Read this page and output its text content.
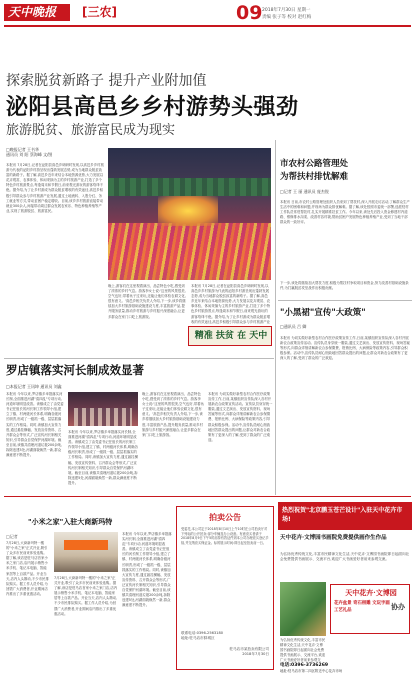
天中晚报 [三农]	09 2018年7月30日 星期一
责编 张子等 校对 赵红梅
探索脱贫新路子 提升产业附加值
泌阳县高邑乡乡村游势头强劲
旅游脱贫、旅游富民成为现实
□晚报记者 王书华
通讯员 刘 阳 蔡海峰 文/图
本报讯 7月28日,记者在泌阳县高邑乡调研时发现,以高邑乡乡村旅游为代表的泌阳乡村游呈现出蓬勃发展态势,成为当地群众脱贫致富的新路子。据了解,高邑乡近年来结合本地资源优势,大力发展以花卉观赏、农事体验、休闲采摘为主的乡村旅游产业,打造了多个特色乡村旅游景点,每逢周末和节假日,前来观光游玩的游客络绎不绝。据介绍,为了让乡村游成为群众脱贫增收的有效途径,高邑乡积极引导群众参与乡村旅游产业发展,通过土地流转、入股分红、务工就业等方式,带动贫困户稳定增收。目前,该乡乡村旅游直接带动就业300余人,间接带动周边群众发展农家乐、特色种植养殖等产业,实现了旅游脱贫、旅游富民。
晚上,游客们在这里观看演出、品尝特色小吃,感受到了浓浓的乡村气息。游客李女士说:'这里的风景很美,空气也好,带着孩子过来玩,还能让他们体验农耕文化,很有意义。'高邑乡相关负责人介绍,下一步,该乡将继续加大乡村旅游基础设施建设力度,丰富旅游产品,提升服务质量,推动乡村旅游与乡村振兴深度融合,让更多群众在家门口吃上旅游饭。
本报讯 7月28日,记者在泌阳县高邑乡调研时发现,以高邑乡乡村旅游为代表的泌阳乡村游呈现出蓬勃发展态势,成为当地群众脱贫致富的新路子。据了解,高邑乡近年来结合本地资源优势,大力发展以花卉观赏、农事体验、休闲采摘为主的乡村旅游产业,打造了多个特色乡村旅游景点,每逢周末和节假日,前来观光游玩的游客络绎不绝。据介绍,为了让乡村游成为群众脱贫增收的有效途径,高邑乡积极引导群众参与乡村旅游产业
精准 扶贫 在 天中
市农村公路管理处
为帮扶村排忧解难
□记者 王 丽 通讯员 庞杰锐
本报讯 日前,市农村公路管理处组织人员来到了帮扶村,深入开展走访活动,了解群众生产生活中的困难和问题,并现场为群众排忧解难。据了解,该处按照市委统一部署,选派驻村工作队员常驻帮扶村,扎实开展精准扶贫工作。今年以来,该处先后投入资金修建村内道路、维修排水沟渠、改善村容村貌,帮助贫困户发展特色种植养殖产业,受到了当地干部群众的一致好评。
下一步,该处将继续加大帮扶力度,积极为帮扶村争取项目和资金,努力改善村基础设施条件,为打赢脱贫攻坚战作出积极贡献。
"小黑裙"宣传"大政策"
□通讯员 吕 卿
本报讯 为切实做好新型农村合作医疗政策宣传工作,日前,某镇组织宣传队深入各村开展新农合政策宣传活动。宣传队员身穿统一服装,通过文艺演出、发放宣传资料、现场答疑等形式,向群众详细讲解新农合参保缴费、报销比例、大病保险等政策内容,引导群众积极参保。活动中,宣传队员耐心细致地回答群众提出的问题,让群众对新农合政策有了更深入的了解,受到了群众的广泛欢迎。
罗店镇落实河长制成效显著
□本报记者 王讯坤 通讯员 刘鑫
本报讯 今年以来,罗店镇多举措落实河长制,全面推进河湖"清四乱"专项行动,河道环境明显改善。该镇成立了由党委书记任组长的河长制工作领导小组,建立了镇、村两级河长体系,明确各级河长职责,形成了一级抓一级、层层抓落实的工作格局。同时,该镇加大宣传力度,通过悬挂横幅、发放宣传资料、召开群众会等形式,广泛宣传河长制相关知识,引导群众自觉保护河湖环境。截至目前,该镇共清理河道垃圾200余吨,拆除违建5处,河湖面貌焕然一新,群众满意度不断提升。
本报讯 今年以来,罗店镇多举措落实河长制,全面推进河湖"清四乱"专项行动,河道环境明显改善。该镇成立了由党委书记任组长的河长制工作领导小组,建立了镇、村两级河长体系,明确各级河长职责,形成了一级抓一级、层层抓落实的工作格局。同时,该镇加大宣传力度,通过悬挂横幅、发放宣传资料、召开群众会等形式,广泛宣传河长制相关知识,引导群众自觉保护河湖环境。截至目前,该镇共清理河道垃圾200余吨,拆除违建5处,河湖面貌焕然一新,群众满意度不断提升。
晚上,游客们在这里观看演出、品尝特色小吃,感受到了浓浓的乡村气息。游客李女士说:'这里的风景很美,空气也好,带着孩子过来玩,还能让他们体验农耕文化,很有意义。'高邑乡相关负责人介绍,下一步,该乡将继续加大乡村旅游基础设施建设力度,丰富旅游产品,提升服务质量,推动乡村旅游与乡村振兴深度融合,让更多群众在家门口吃上旅游饭。
本报讯 为切实做好新型农村合作医疗政策宣传工作,日前,某镇组织宣传队深入各村开展新农合政策宣传活动。宣传队员身穿统一服装,通过文艺演出、发放宣传资料、现场答疑等形式,向群众详细讲解新农合参保缴费、报销比例、大病保险等政策内容,引导群众积极参保。活动中,宣传队员耐心细致地回答群众提出的问题,让群众对新农合政策有了更深入的了解,受到了群众的广泛欢迎。
"小米之家"入驻大商新玛特
□记者
7月28日,大商新玛特一楼的"小米之家"正式开业,吸引了众多市民前来体验选购。据了解,该店是驻马店首家小米之家门店,店内展示销售小米手机、笔记本电脑、智能家居等上百款产品。开业当天,店内人头攒动,不少市民排队购买。据工作人员介绍,为回馈广大消费者,开业期间店内推出了多重优惠活动。
7月28日,大商新玛特一楼的"小米之家"正式开业,吸引了众多市民前来体验选购。据了解,该店是驻马店首家小米之家门店,店内展示销售小米手机、笔记本电脑、智能家居等上百款产品。开业当天,店内人头攒动,不少市民排队购买。据工作人员介绍,为回馈广大消费者,开业期间店内推出了多重优惠活动。
本报讯 今年以来,罗店镇多举措落实河长制,全面推进河湖"清四乱"专项行动,河道环境明显改善。该镇成立了由党委书记任组长的河长制工作领导小组,建立了镇、村两级河长体系,明确各级河长职责,形成了一级抓一级、层层抓落实的工作格局。同时,该镇加大宣传力度,通过悬挂横幅、发放宣传资料、召开群众会等形式,广泛宣传河长制相关知识,引导群众自觉保护河湖环境。截至目前,该镇共清理河道垃圾200余吨,拆除违建5处,河湖面貌焕然一新,群众满意度不断提升。
拍卖公告
受委托,本公司定于2018年8月10日上午10时在公司拍卖厅对下列标的公开拍卖:部分车辆及办公设备。有意竞买者请于2018年8月9日下午5时前持有效证件到本公司办理竞买登记手续,并交纳竞买保证金。标的展示时间:即日起至拍卖前一日。
联系电话:0396-2563180
地址:驻马店市驿城区
驻马店市某拍卖有限公司
2018年7月30日
热烈祝贺"北京鹏玉苍芒设计"入驻天中花卉市场!
天中花卉·文博园书画院免费提供画作生作品
为弘扬优秀传统文化,丰富市民精神文化生活,天中花卉·文博园书画院即日起面向社会免费提供书画展示、交流平台,欢迎广大书画爱好者前来参观交流。
为弘扬优秀传统文化,丰富市民精神文化生活,天中花卉·文博园书画院即日起面向社会免费提供书画展示、交流平台,欢迎广大书画爱好者前来参观交
天中花卉·文博园
花卉盆景 奇石根雕 文玩字画 工艺礼品	协办
电话:0396-3736269
地址:驻马店市第二四区附近中心花卉市场
